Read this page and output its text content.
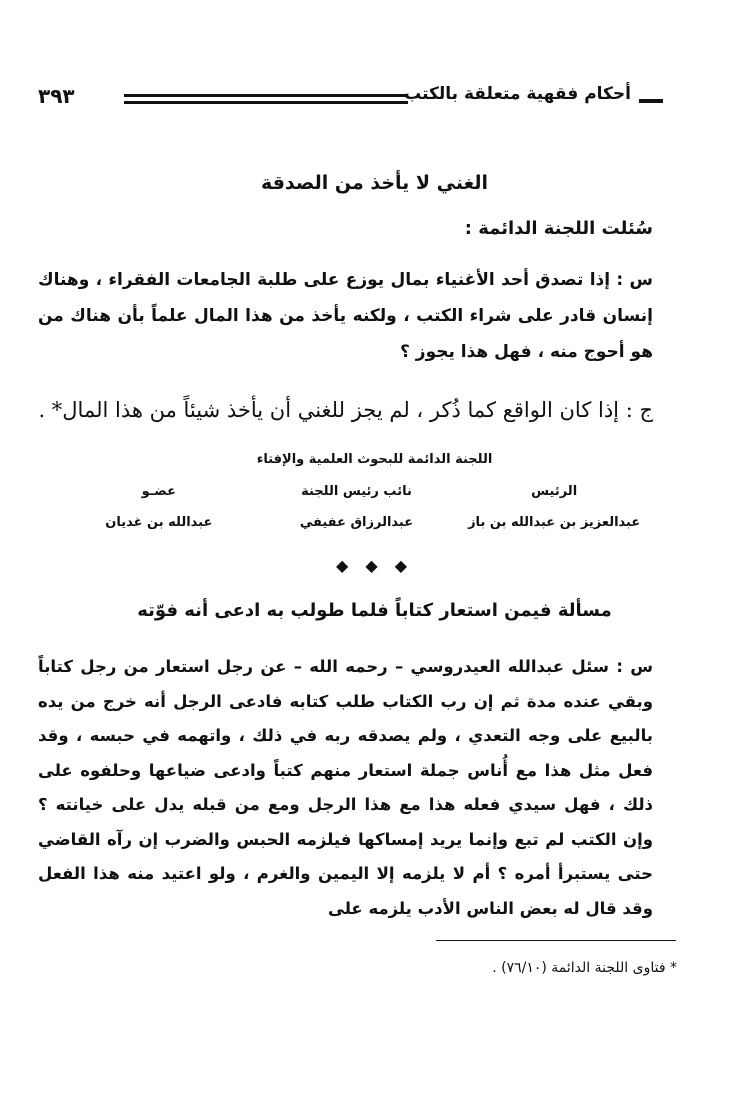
أحكام فقهية متعلقة بالكتب
٣٩٣
الغني لا يأخذ من الصدقة
سُئلت اللجنة الدائمة :
س : إذا تصدق أحد الأغنياء بمال يوزع على طلبة الجامعات الفقراء ، وهناك إنسان قادر على شراء الكتب ، ولكنه يأخذ من هذا المال علماً بأن هناك من هو أحوج منه ، فهل هذا يجوز ؟
ج : إذا كان الواقع كما ذُكر ، لم يجز للغني أن يأخذ شيئاً من هذا المال* .
اللجنة الدائمة للبحوث العلمية والإفتاء
الرئيس
نائب رئيس اللجنة
عضـو
عبدالعزيز بن عبدالله بن باز
عبدالرزاق عفيفي
عبدالله بن غديان
◆ ◆ ◆
مسألة فيمن استعار كتاباً فلما طولب به ادعى أنه فوّته
س : سئل عبدالله العيدروسي – رحمه الله – عن رجل استعار من رجل كتاباً وبقي عنده مدة ثم إن رب الكتاب طلب كتابه فادعى الرجل أنه خرج من يده بالبيع على وجه التعدي ، ولم يصدقه ربه في ذلك ، واتهمه في حبسه ، وقد فعل مثل هذا مع أُناس جملة استعار منهم كتباً وادعى ضياعها وحلفوه على ذلك ، فهل سيدي فعله هذا مع هذا الرجل ومع من قبله يدل على خيانته ؟ وإن الكتب لم تبع وإنما يريد إمساكها فيلزمه الحبس والضرب إن رآه القاضي حتى يستبرأ أمره ؟ أم لا يلزمه إلا اليمين والغرم ، ولو اعتيد منه هذا الفعل وقد قال له بعض الناس الأدب يلزمه على
* فتاوى اللجنة الدائمة (٧٦/١٠) .
